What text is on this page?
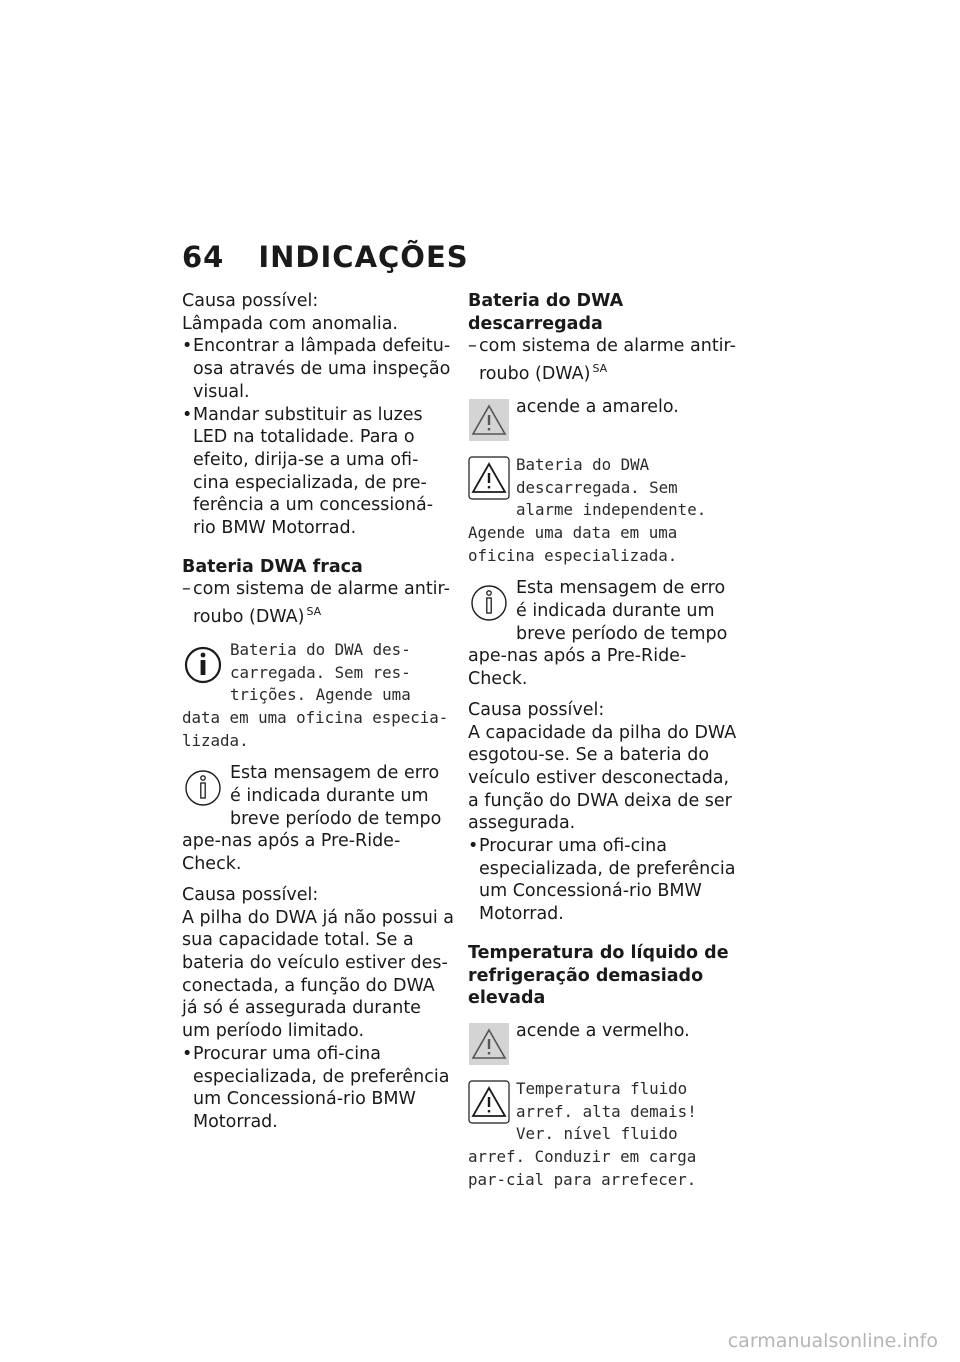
64 INDICAÇÕES

Causa possível:

Lâmpada com anomalia.

• Encontrar a lâmpada defeitu-osa através de uma inspeção visual.

• Mandar substituir as luzes LED na totalidade. Para o efeito, dirija-se a uma ofi-cina especializada, de pre-ferência a um concessioná-rio BMW Motorrad.

Bateria DWA fraca

– com sistema de alarme antir-roubo (DWA) $^{SA}$

Bateria do DWA des-carregada. Sem res-trições. Agende uma data em uma oficina especia-lizada.

Esta mensagem de erro é indicada durante um breve período de tempo ape-nas após a Pre-Ride-Check.

Causa possível:

A pilha do DWA já não possui a sua capacidade total. Se a bateria do veículo estiver des-conectada, a função do DWA já só é assegurada durante um período limitado.

• Procurar uma ofi-cina especializada, de preferência um Concessioná-rio BMW Motorrad.

Bateria do DWA descarregada

– com sistema de alarme antir-roubo (DWA) $^{SA}$

acende a amarelo.

Bateria do DWA descarregada. Sem alarme independente. Agende uma data em uma oficina especializada.

Esta mensagem de erro é indicada durante um breve período de tempo ape-nas após a Pre-Ride-Check.

Causa possível:

A capacidade da pilha do DWA esgotou-se. Se a bateria do veículo estiver desconectada, a função do DWA deixa de ser assegurada.

• Procurar uma ofi-cina especializada, de preferência um Concessioná-rio BMW Motorrad.

Temperatura do líquido de refrigeração demasiado elevada

acende a vermelho.

Temperatura fluido arref. alta demais! Ver. nível fluido arref. Conduzir em carga par-cial para arrefecer.

carmanualsonline.info
